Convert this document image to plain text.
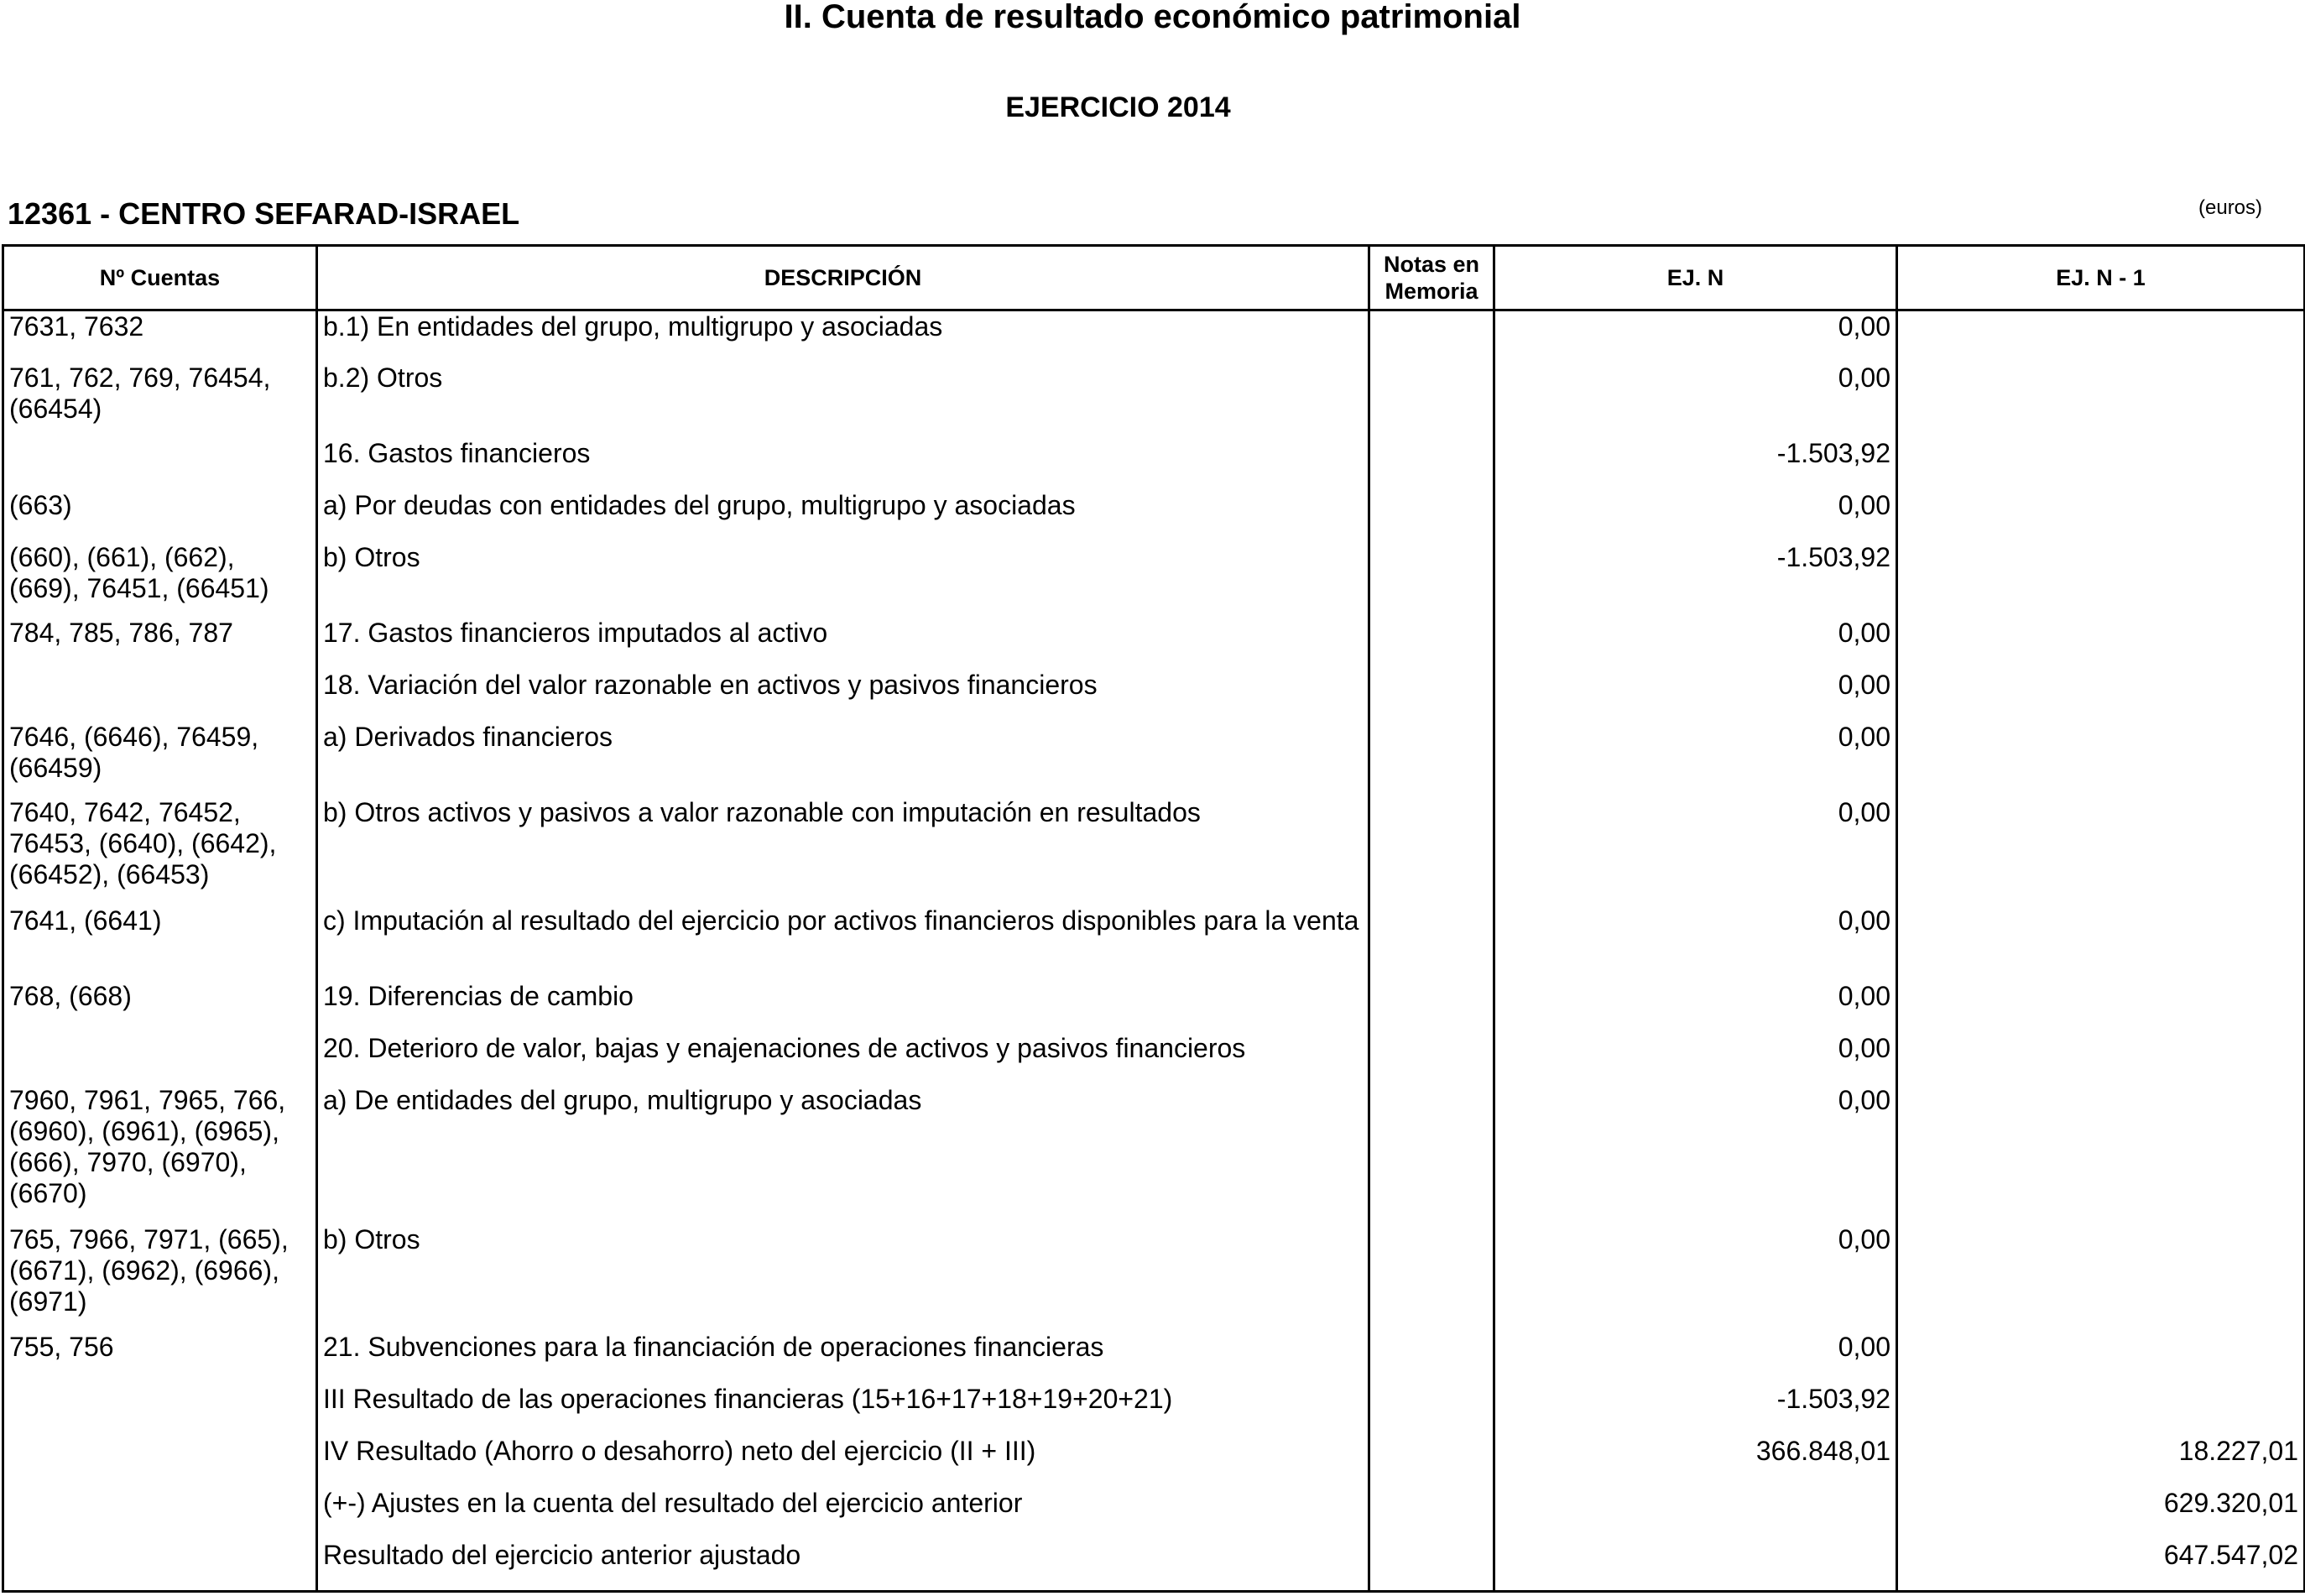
II. Cuenta de resultado económico patrimonial
EJERCICIO 2014
12361 - CENTRO SEFARAD-ISRAEL	(euros)
Nº Cuentas	DESCRIPCIÓN	Notas en Memoria	EJ. N	EJ. N - 1
7631, 7632	b.1) En entidades del grupo, multigrupo y asociadas		0,00	
761, 762, 769, 76454, (66454)	b.2) Otros		0,00	
	16. Gastos financieros		-1.503,92	
(663)	a) Por deudas con entidades del grupo, multigrupo y asociadas		0,00	
(660), (661), (662), (669), 76451, (66451)	b) Otros		-1.503,92	
784, 785, 786, 787	17. Gastos financieros imputados al activo		0,00	
	18. Variación del valor razonable en activos y pasivos financieros		0,00	
7646, (6646), 76459, (66459)	a) Derivados financieros		0,00	
7640, 7642, 76452, 76453, (6640), (6642), (66452), (66453)	b) Otros activos y pasivos a valor razonable con imputación en resultados		0,00	
7641, (6641)	c) Imputación al resultado del ejercicio por activos financieros disponibles para la venta		0,00	
768, (668)	19. Diferencias de cambio		0,00	
	20. Deterioro de valor, bajas y enajenaciones de activos y pasivos financieros		0,00	
7960, 7961, 7965, 766, (6960), (6961), (6965), (666), 7970, (6970), (6670)	a) De entidades del grupo, multigrupo y asociadas		0,00	
765, 7966, 7971, (665), (6671), (6962), (6966), (6971)	b) Otros		0,00	
755, 756	21. Subvenciones para la financiación de operaciones financieras		0,00	
	III Resultado de las operaciones financieras (15+16+17+18+19+20+21)		-1.503,92	
	IV Resultado (Ahorro o desahorro) neto del ejercicio (II + III)		366.848,01	18.227,01
	(+-) Ajustes en la cuenta del resultado del ejercicio anterior			629.320,01
	Resultado del ejercicio anterior ajustado			647.547,02
